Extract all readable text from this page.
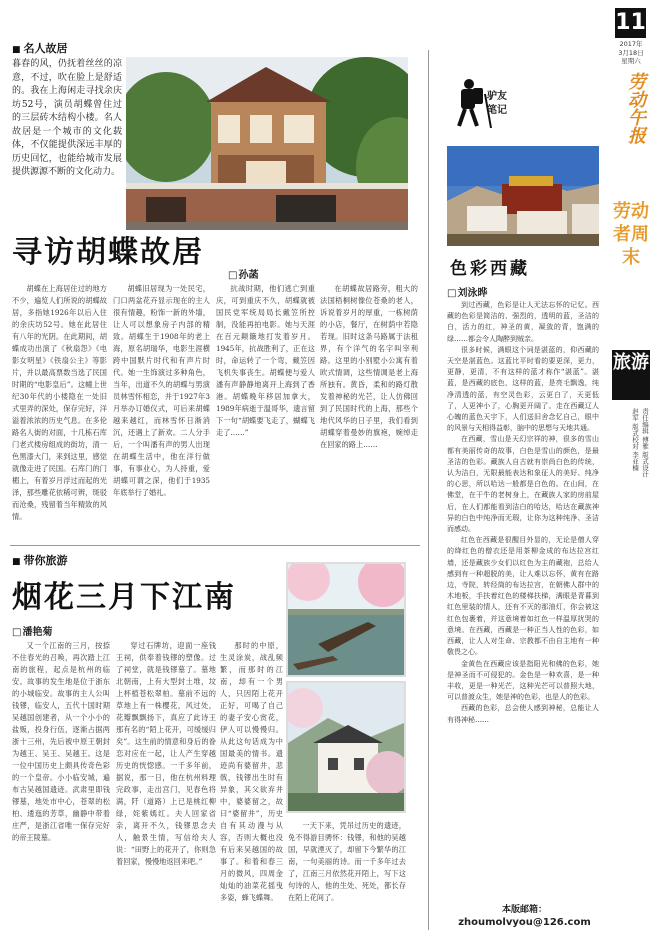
■ 名人故居
暮春的风，仍抚着丝丝的凉意，不过，吹在脸上是舒适的。我在上海闲走寻找余庆坊52号，演员胡蝶曾住过的三层砖木结构小楼。名人故居是一个城市的文化载体，不仅能提供深远丰厚的历史回忆，也能给城市发展提供源源不断的文化动力。
寻访胡蝶故居
□ 孙菡

胡蝶在上海居住过的地方不少，遍览人们所说的胡蝶故居，多指她1926年以后入住的余庆坊52号。她在此居住有八年的光阴。在此期间，胡蝶成功出演了《秋扇怨》《电影女明星》《铁扇公主》等影片，并以最高票数当选了民国时期的“电影皇后”。这幢上世纪30年代的小楼隐在一处旧式里弄的深处，保存完好，洋溢着浓浓的历史气息。在多伦路名人街的对面，十几栋石库门老式楼房组成的街坊，清一色黑漆大门，来到这里，感觉就像走进了民国。石库门的门楣上，有着岁月浮过而起的光泽，那些雕花依稀可辨，斑驳而沧桑，残留着当年精致的风情。

胡蝶旧居现为一处民宅，门口两盆花卉显示现在的主人很有情趣，粉饰一新的外墙，让人可以想象房子内部的精致。胡蝶生于1908年的老上海，原名胡瑞华，电影生涯横跨中国默片时代和有声片时代。她一生饰演过多种角色，当年，出道不久的胡蝶与男演员林雪怀相恋，并于1927年3月举办订婚仪式，可后来胡蝶越来越红，而林雪怀日渐消沉，还遇上了新欢。二人分手后，一个叫潘有声的男人出现在胡蝶生活中，他在洋行做事，有事业心，为人持重，爱胡蝶可谓之深，他们于1935年底举行了婚礼。

抗战时期，他们逃亡到重庆，可到重庆不久，胡蝶就被国民党军统局局长戴笠所控制，没能再拍电影。她与天涯在百元颠簸地打发着岁月。1945年，抗战胜利了，正在这时，命运转了一个弯，戴笠因飞机失事丧生。胡蝶便与爱人潘有声静静地离开上海到了香港。胡蝶晚年移居加拿大，1989年病逝于温哥华，遗言留下一句“胡蝶要飞走了，蝴蝶飞走了……”

在胡蝶故居路旁，粗大的法国梧桐树像位苍桑的老人，诉说着岁月的厚重，一栋树荫的小店，餐厅，在树荫中若隐若现。旧时这条马路属于法租界，有个洋气的名字叫宰利路。这里的小别墅小公寓有着欧式情调，这些情调是老上海所独有。黄昏，柔和的路灯散发着神秘的光芒，让人仿佛回到了民国时代的上海，那些个地代风华的日子里，我们看到胡蝶穿着曼妙的旗袍，婉绰走在回家的路上……

■ 带你旅游
烟花三月下江南
□ 潘艳菊

又一个江南的三月，按捺不住春光的召唤，再次踏上江南的旅程，起点是杭州的临安。故事的发生地是位于浙东的小城临安。故事的主人公叫钱镠，临安人，五代十国时期吴越国创建者，从一个小小的盐贩，投身行伍，逐渐占据两浙十三州，先后被中原王朝封为越王、吴王、吴越王。这是一位中国历史上颇具传奇色彩的一个皇帝。小小临安城，遍布古吴越国遗迹。武肃里即钱镠墓，地处市中心，苍翠的松柏、逶迤的芳草，幽静中带着庄严，是浙江省唯一保存完好的帝王陵墓。

穿过石牌坊，迎面一座钱王祠，供奉着钱镠的塑像。过了祠堂，就是钱镠墓了。墓地北朝南，上有大型封土堆，坟上杯植苍松翠柏。墓前不远的草地上有一株樱花，风过处，花瓣飘飘扬下，真应了此诗王那有名的“陌上花开，可缓缓归矣”。这生前的情意和身后的眷恋对应在一起，让人产生穿越历史的恍惚感。一千多年前，据说，那一日，他在杭州料理完政事，走出宫门，见春色将满，阡（道路）上已是桃红柳绿，姹紫嫣红。夫人回家省亲，离开不久，钱镠思念夫人，触景生情，写信给夫人说：“田野上的花开了，你则急着回家，慢慢地返回来吧。”

那时的中原，生灵涂炭，战乱频繁，而那时的江南，却有一个男人，只因陌上花开正好，可喝了自己的妻子安心赏花，伊人可以慢慢归。从此这句话成为中国最美的情书。遗迹尚有婆留井，悲戟，钱镠出生时有异象，其父欲弃井中，婆婆留之，故曰“婆留井”，历史自有其动漫与从容，否则大概也没有后来吴越国的故事了。和着和春三月的微风，四周金灿灿的油菜花摇曳多姿，蜂飞蝶舞。

一天下来，凭吊过历史的遗迹，免不得游目骋怀：钱镠，和他的吴越国，早就湮灭了，却留下今繁华的江南，一句美丽的诗。而一千多年过去了，江南三月依然花开陌上，写下这句诗的人，他的生处、死处，都长存在陌上花间了。

驴友
笔记
色彩西藏
□ 刘泳晔

到过西藏，色彩是让人无法忘怀的记忆。西藏的色彩是简洁的、强烈的，透明的蓝，圣洁的白，活力的红，神圣的黄，凝敛的青，饱满的绿……都会令人陶醉到贼亲。

很多时候，满眼这个词是湛蓝的，仰西藏的天空是湛蓝色。这蓝比平时看的要更深，更力，更静，更清，不有这样的蓝才称作“湛蓝”。湛蓝，是西藏的底色，这样的蓝，是亮毛飘逸，纯净清透的蓝，有空灵色彩，云更白了，天更低了，人更神小了，心胸更开阔了。走在西藏辽人心魄的蓝色天宇下，人们送旧舍念忆自己，眼中的风景与天相得益彰，脑中的思想与天地共通。

在西藏，雪山是天幻宗祥的神，很多的雪山都有美丽传奇的故事，白色是雪山的颜色，是最圣洁的色彩。藏族人自古就有崇尚白色的传统，认为洁白，无限最能表达和象征人的美好、纯净的心思，所以哈达一般都是白色的。在山间，在佛堂，在干牛的老树身上，在藏族人家的房前屋后，在人们都能看到洁白的哈达，哈达在藏族神异的白色中纯净而无瑕，让你为这种纯净、圣洁而感动。

红色在西藏是很醒目外显的，无论是僧人穿的绛红色的僧衣还是用茶柳金成的布达拉宫红墙，还是藏族少女们以红色为主的藏袍，总给人感到有一种超脱的美，让人难以忘怀，黄有在路边，寺院，转经筒的布达拉宫，在朝佛人群中的木地板，手扶着红色的楼梯扶梯，满眼是青暮到红色里装的情人，还有不灭的那油灯，你会被这红色包裹着，并这意境着如红色一样温厚扰哭的意境。在西藏，西藏是一种正当人性的色彩，如西藏，让人人对生命、宗教都不由自主地有一种敬畏之心。

金黄色在西藏应该是指阳光和佛的色彩，她是神圣而不可侵犯的。金色是一种欢喜，是一种丰收，更是一种光芒，这种光芒可以普照大地，可以普渡众生，她是神的色彩，也是人的色彩。

西藏的色彩，总会使人感到神秘，总能让人有得神秘……

本版邮箱：
zhoumolvyou@126.com
11
2017年
3月18日
星期六
劳动午报
劳动者周末
旅游
责任编辑 傅雅 版式设计 赵军 版式校对 李亚楠
